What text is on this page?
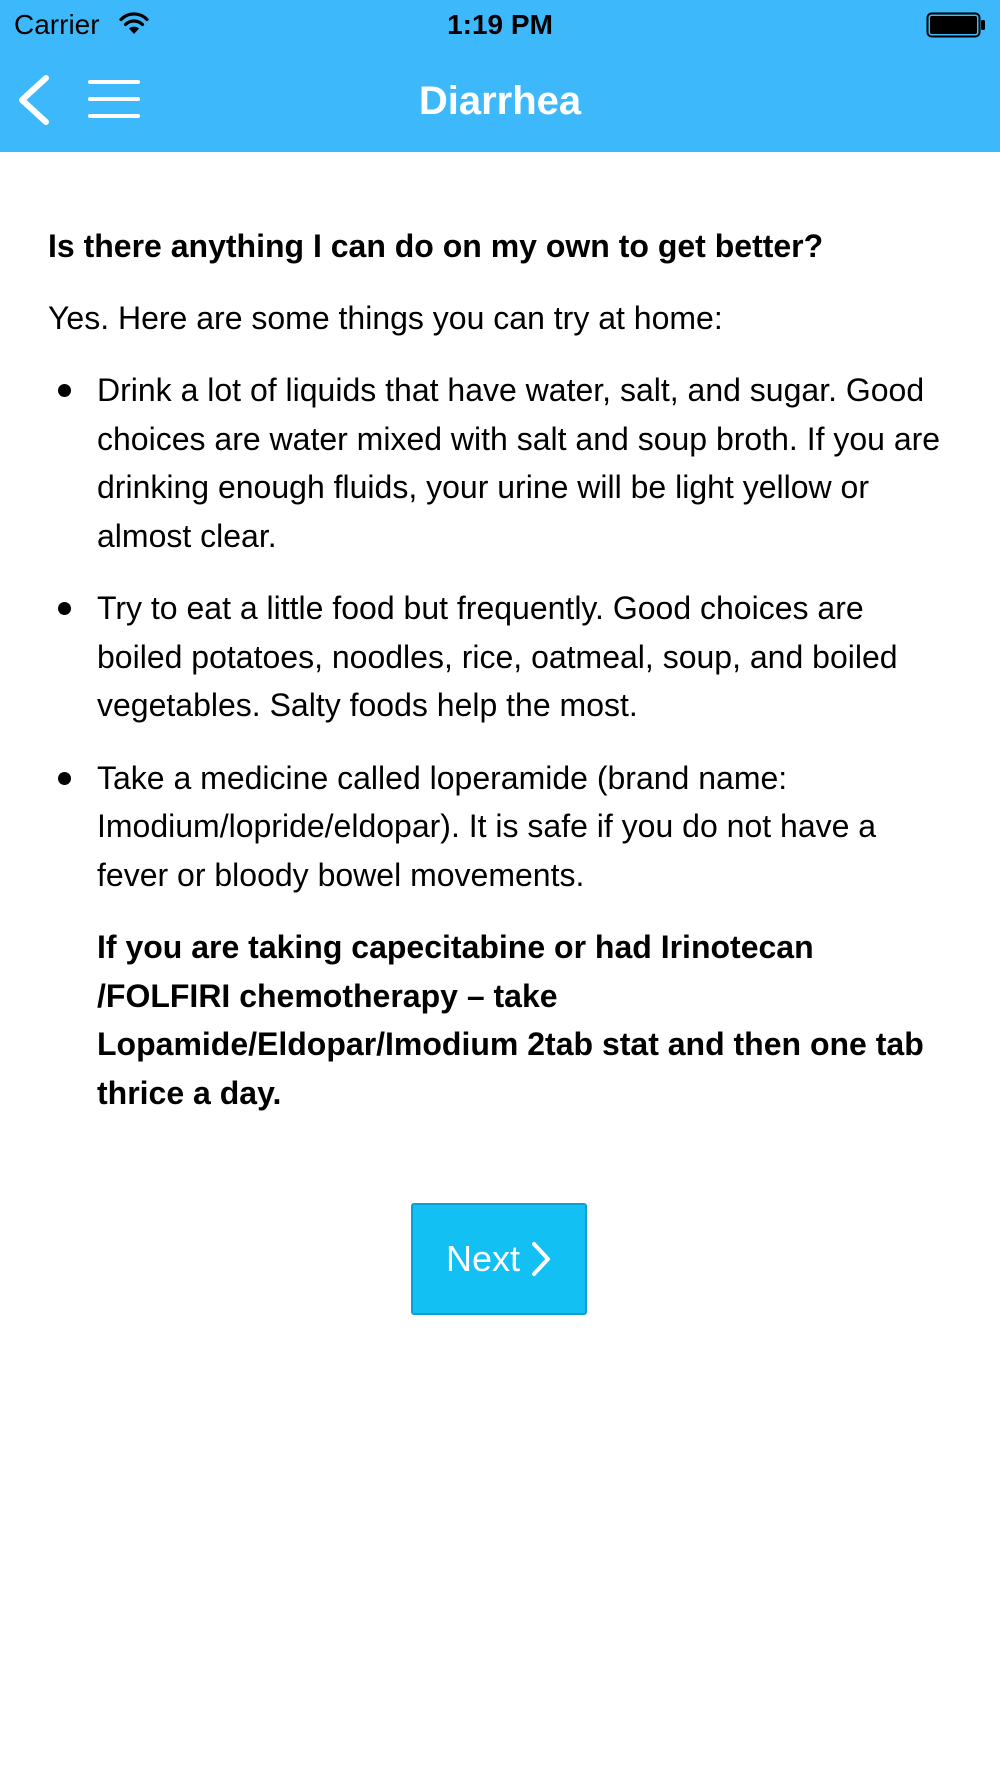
Carrier	1:19 PM
Diarrhea

Is there anything I can do on my own to get better?

Yes. Here are some things you can try at home:

Drink a lot of liquids that have water, salt, and sugar. Good choices are water mixed with salt and soup broth. If you are drinking enough fluids, your urine will be light yellow or almost clear.
Try to eat a little food but frequently. Good choices are boiled potatoes, noodles, rice, oatmeal, soup, and boiled vegetables. Salty foods help the most.
Take a medicine called loperamide (brand name: Imodium/lopride/eldopar). It is safe if you do not have a fever or bloody bowel movements.

If you are taking capecitabine or had Irinotecan /FOLFIRI chemotherapy – take Lopamide/Eldopar/Imodium 2tab stat and then one tab thrice a day.

Next
